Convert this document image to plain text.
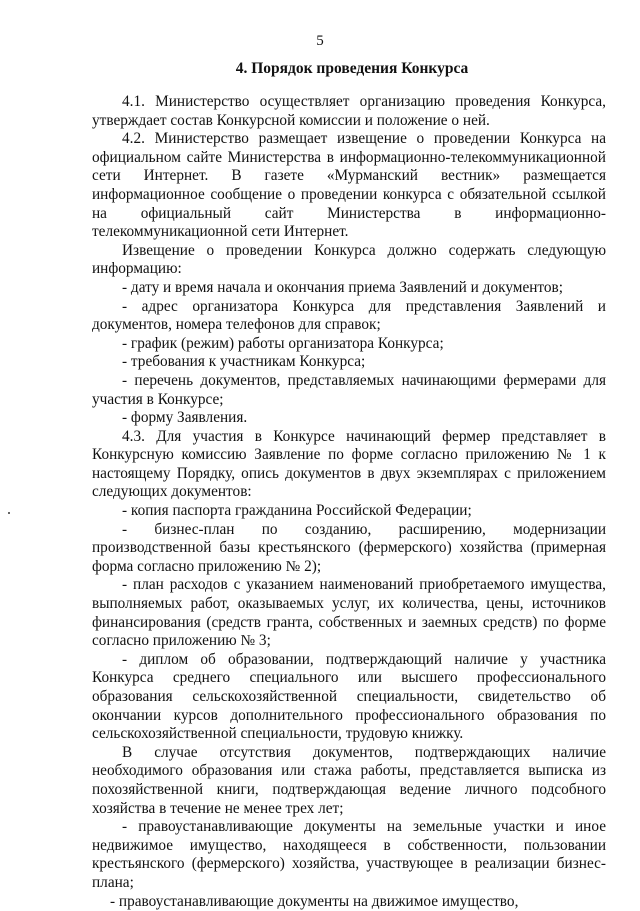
5
4. Порядок проведения Конкурса

4.1. Министерство осуществляет организацию проведения Конкурса, утверждает состав Конкурсной комиссии и положение о ней.

4.2. Министерство размещает извещение о проведении Конкурса на официальном сайте Министерства в информационно-телекоммуникационной сети Интернет. В газете «Мурманский вестник» размещается информационное сообщение о проведении конкурса с обязательной ссылкой на официальный сайт Министерства в информационно-телекоммуникационной сети Интернет.

Извещение о проведении Конкурса должно содержать следующую информацию:

- дату и время начала и окончания приема Заявлений и документов;

- адрес организатора Конкурса для представления Заявлений и документов, номера телефонов для справок;

- график (режим) работы организатора Конкурса;

- требования к участникам Конкурса;

- перечень документов, представляемых начинающими фермерами для участия в Конкурсе;

- форму Заявления.

4.3. Для участия в Конкурсе начинающий фермер представляет в Конкурсную комиссию Заявление по форме согласно приложению № 1 к настоящему Порядку, опись документов в двух экземплярах с приложением следующих документов:

- копия паспорта гражданина Российской Федерации;

- бизнес-план по созданию, расширению, модернизации производственной базы крестьянского (фермерского) хозяйства (примерная форма согласно приложению № 2);

- план расходов с указанием наименований приобретаемого имущества, выполняемых работ, оказываемых услуг, их количества, цены, источников финансирования (средств гранта, собственных и заемных средств) по форме согласно приложению № 3;

- диплом об образовании, подтверждающий наличие у участника Конкурса среднего специального или высшего профессионального образования сельскохозяйственной специальности, свидетельство об окончании курсов дополнительного профессионального образования по сельскохозяйственной специальности, трудовую книжку.

В случае отсутствия документов, подтверждающих наличие необходимого образования или стажа работы, представляется выписка из похозяйственной книги, подтверждающая ведение личного подсобного хозяйства в течение не менее трех лет;

- правоустанавливающие документы на земельные участки и иное недвижимое имущество, находящееся в собственности, пользовании крестьянского (фермерского) хозяйства, участвующее в реализации бизнес-плана;

- правоустанавливающие документы на движимое имущество,
